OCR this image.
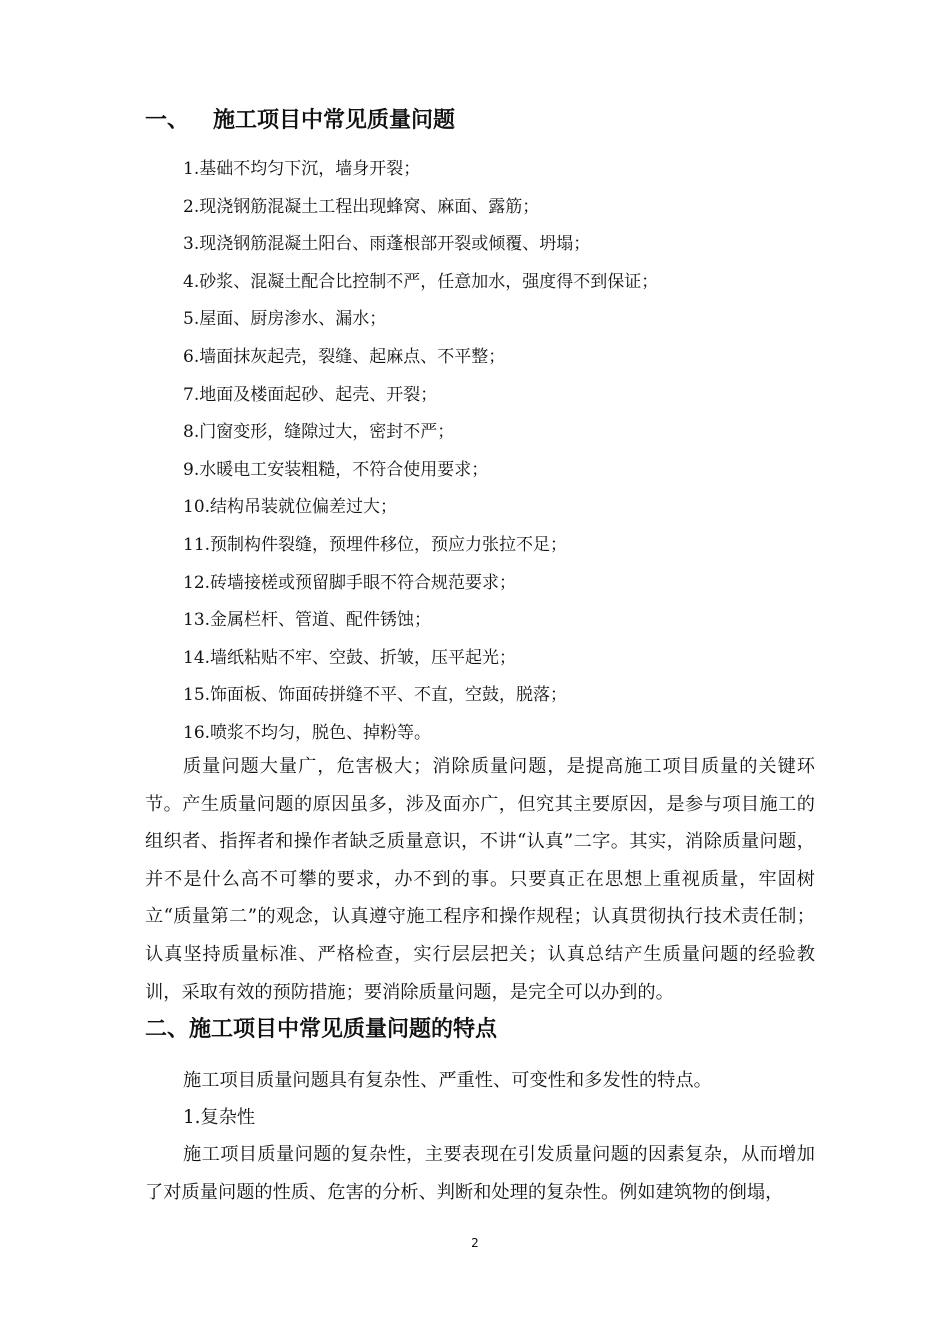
一、 施工项目中常见质量问题
1.基础不均匀下沉，墙身开裂；
2.现浇钢筋混凝土工程出现蜂窝、麻面、露筋；
3.现浇钢筋混凝土阳台、雨蓬根部开裂或倾覆、坍塌；
4.砂浆、混凝土配合比控制不严，任意加水，强度得不到保证；
5.屋面、厨房渗水、漏水；
6.墙面抹灰起壳，裂缝、起麻点、不平整；
7.地面及楼面起砂、起壳、开裂；
8.门窗变形，缝隙过大，密封不严；
9.水暖电工安装粗糙，不符合使用要求；
10.结构吊装就位偏差过大；
11.预制构件裂缝，预埋件移位，预应力张拉不足；
12.砖墙接槎或预留脚手眼不符合规范要求；
13.金属栏杆、管道、配件锈蚀；
14.墙纸粘贴不牢、空鼓、折皱，压平起光；
15.饰面板、饰面砖拼缝不平、不直，空鼓，脱落；
16.喷浆不均匀，脱色、掉粉等。

质量问题大量广，危害极大；消除质量问题，是提高施工项目质量的关键环节。产生质量问题的原因虽多，涉及面亦广，但究其主要原因，是参与项目施工的组织者、指挥者和操作者缺乏质量意识，不讲“认真”二字。其实，消除质量问题，并不是什么高不可攀的要求，办不到的事。只要真正在思想上重视质量，牢固树立“质量第二”的观念，认真遵守施工程序和操作规程；认真贯彻执行技术责任制；认真坚持质量标准、严格检查，实行层层把关；认真总结产生质量问题的经验教训，采取有效的预防措施；要消除质量问题，是完全可以办到的。

二、施工项目中常见质量问题的特点

施工项目质量问题具有复杂性、严重性、可变性和多发性的特点。

1.复杂性

施工项目质量问题的复杂性，主要表现在引发质量问题的因素复杂，从而增加了对质量问题的性质、危害的分析、判断和处理的复杂性。例如建筑物的倒塌，

2
